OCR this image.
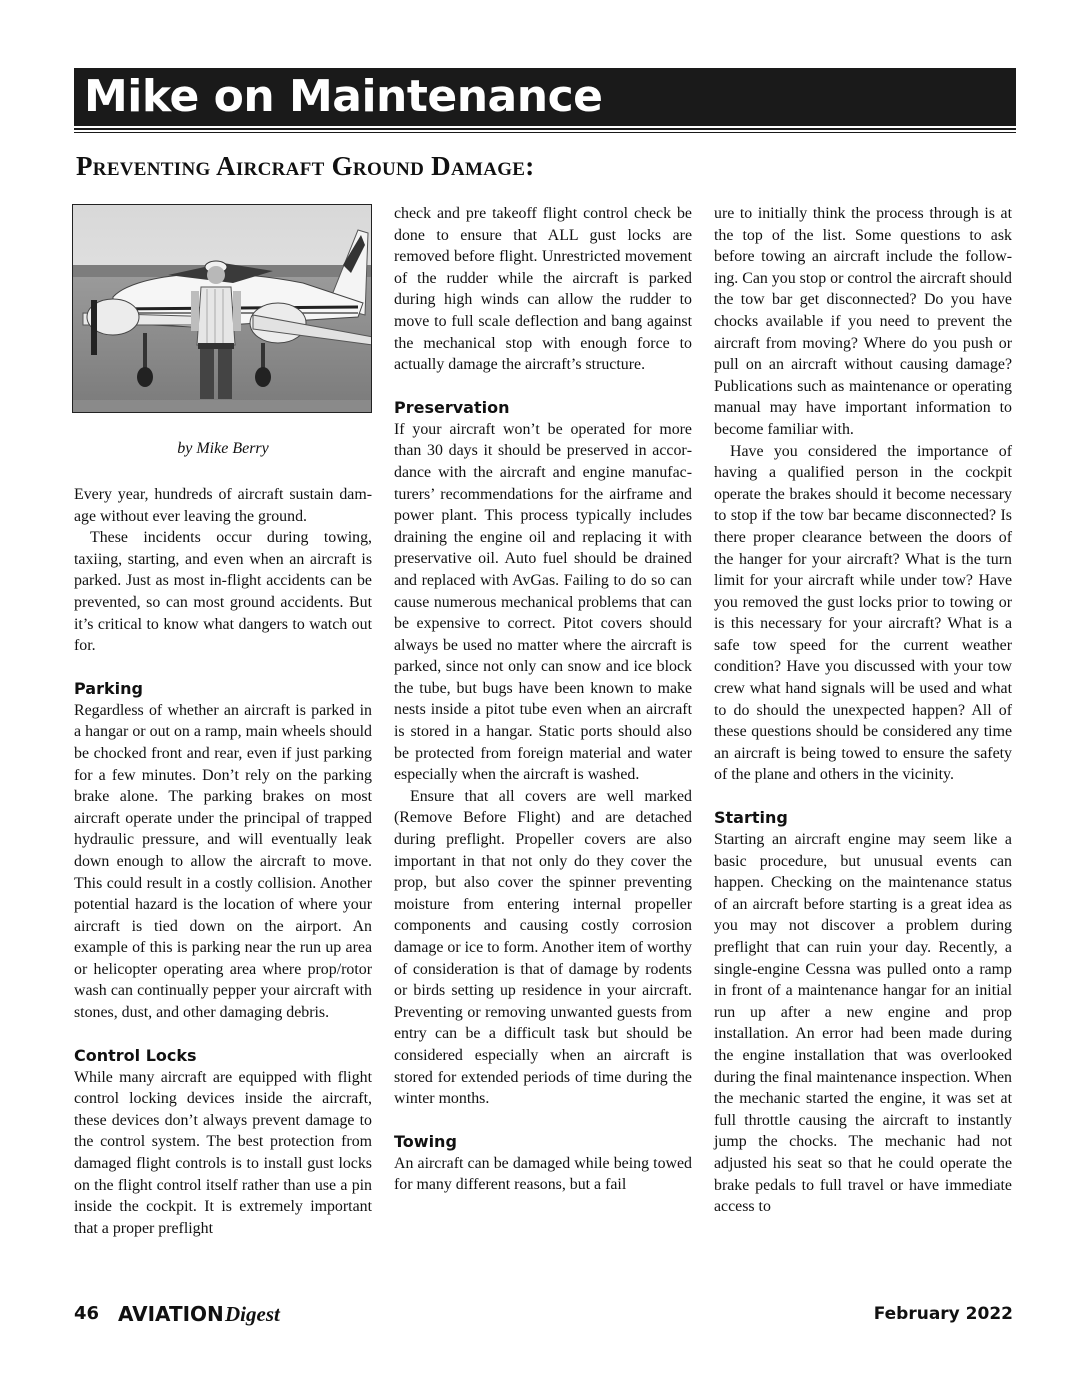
Mike on Maintenance
Preventing Aircraft Ground Damage:
by Mike Berry

Every year, hundreds of aircraft sustain damage without ever leaving the ground.

These incidents occur during towing, taxiing, starting, and even when an aircraft is parked. Just as most in-flight accidents can be prevented, so can most ground accidents. But it’s critical to know what dangers to watch out for.

Parking

Regardless of whether an aircraft is parked in a hangar or out on a ramp, main wheels should be chocked front and rear, even if just parking for a few minutes. Don’t rely on the parking brake alone. The parking brakes on most aircraft operate under the principal of trapped hydraulic pressure, and will eventually leak down enough to allow the aircraft to move. This could result in a costly collision. Another potential hazard is the location of where your aircraft is tied down on the airport. An example of this is parking near the run up area or helicopter operating area where prop/rotor wash can continually pepper your aircraft with stones, dust, and other damaging debris.

Control Locks

While many aircraft are equipped with flight control locking devices inside the aircraft, these devices don’t always prevent damage to the control system. The best protection from damaged flight controls is to install gust locks on the flight control itself rather than use a pin inside the cockpit. It is extremely important that a proper preflight

check and pre takeoff flight control check be done to ensure that ALL gust locks are removed before flight. Unrestricted movement of the rudder while the aircraft is parked during high winds can allow the rudder to move to full scale deflection and bang against the mechanical stop with enough force to actually damage the aircraft’s structure.

Preservation

If your aircraft won’t be operated for more than 30 days it should be preserved in accordance with the aircraft and engine manufacturers’ recommendations for the airframe and power plant. This process typically includes draining the engine oil and replacing it with preservative oil. Auto fuel should be drained and replaced with AvGas. Failing to do so can cause numerous mechanical problems that can be expensive to correct. Pitot covers should always be used no matter where the aircraft is parked, since not only can snow and ice block the tube, but bugs have been known to make nests inside a pitot tube even when an aircraft is stored in a hangar. Static ports should also be protected from foreign material and water especially when the aircraft is washed.

Ensure that all covers are well marked (Remove Before Flight) and are detached during preflight. Propeller covers are also important in that not only do they cover the prop, but also cover the spinner preventing moisture from entering internal propeller components and causing costly corrosion damage or ice to form. Another item of worthy of consideration is that of damage by rodents or birds setting up residence in your aircraft. Preventing or removing unwanted guests from entry can be a difficult task but should be considered especially when an aircraft is stored for extended periods of time during the winter months.

Towing

An aircraft can be damaged while being towed for many different reasons, but a fail

ure to initially think the process through is at the top of the list. Some questions to ask before towing an aircraft include the following. Can you stop or control the aircraft should the tow bar get disconnected? Do you have chocks available if you need to prevent the aircraft from moving? Where do you push or pull on an aircraft without causing damage? Publications such as maintenance or operating manual may have important information to become familiar with.

Have you considered the importance of having a qualified person in the cockpit operate the brakes should it become necessary to stop if the tow bar became disconnected? Is there proper clearance between the doors of the hanger for your aircraft? What is the turn limit for your aircraft while under tow? Have you removed the gust locks prior to towing or is this necessary for your aircraft? What is a safe tow speed for the current weather condition? Have you discussed with your tow crew what hand signals will be used and what to do should the unexpected happen? All of these questions should be considered any time an aircraft is being towed to ensure the safety of the plane and others in the vicinity.

Starting

Starting an aircraft engine may seem like a basic procedure, but unusual events can happen. Checking on the maintenance status of an aircraft before starting is a great idea as you may not discover a problem during preflight that can ruin your day. Recently, a single-engine Cessna was pulled onto a ramp in front of a maintenance hangar for an initial run up after a new engine and prop installation. An error had been made during the engine installation that was overlooked during the final maintenance inspection. When the mechanic started the engine, it was set at full throttle causing the aircraft to instantly jump the chocks. The mechanic had not adjusted his seat so that he could operate the brake pedals to full travel or have immediate access to

46 AVIATION Digest	February 2022
